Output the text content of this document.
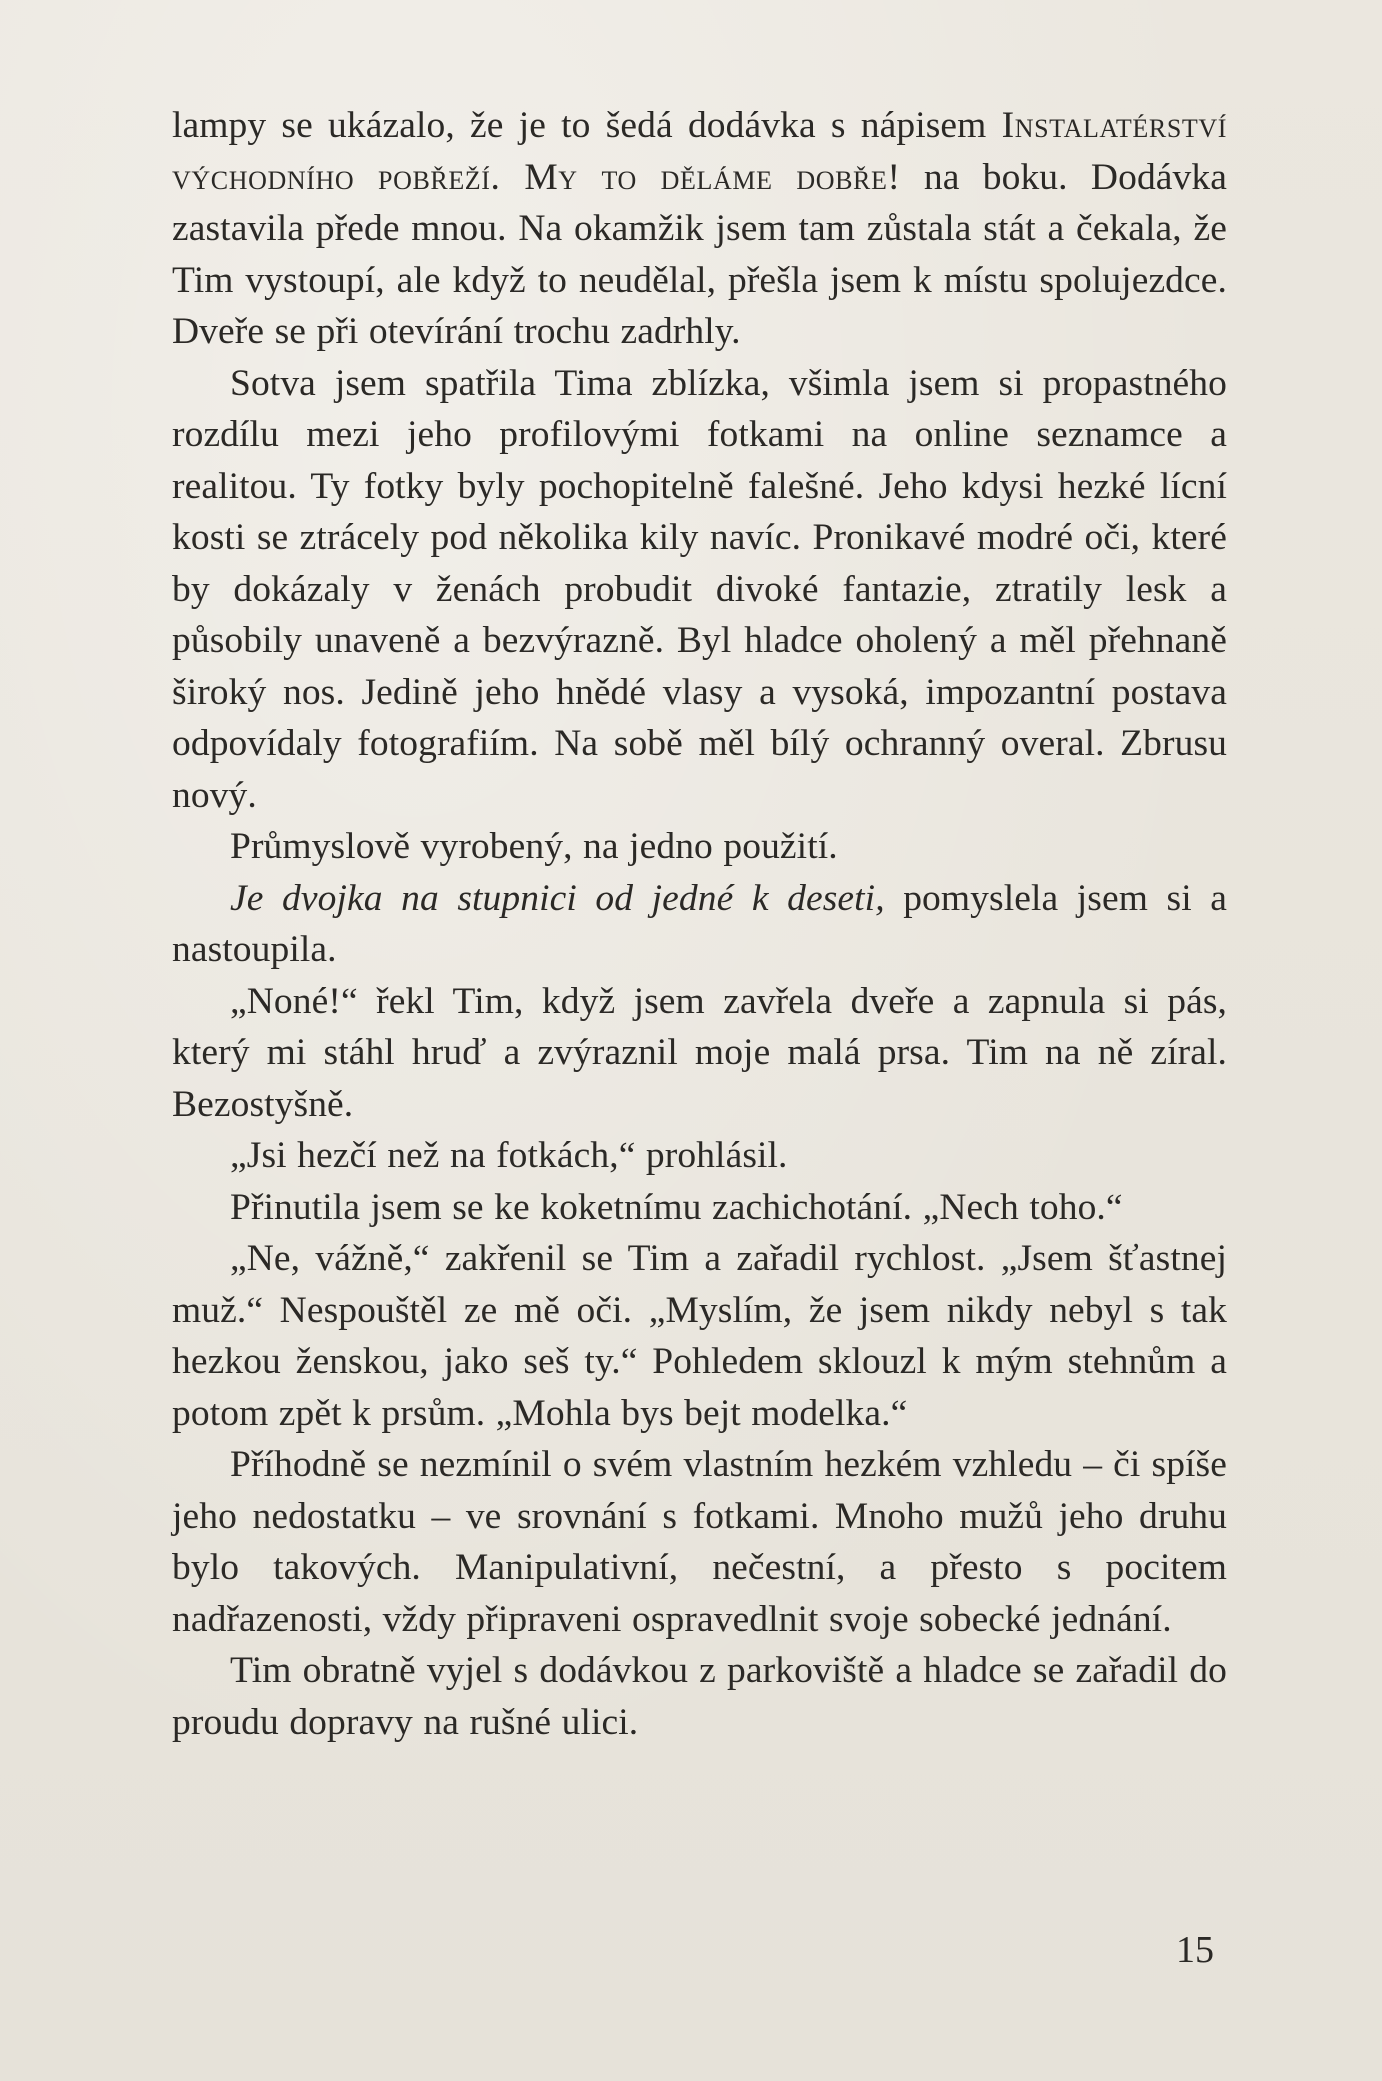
lampy se ukázalo, že je to šedá dodávka s nápisem Instalatérství východního pobřeží. My to děláme dobře! na boku. Dodávka zastavila přede mnou. Na okamžik jsem tam zůstala stát a čekala, že Tim vystoupí, ale když to neudělal, přešla jsem k místu spolujezdce. Dveře se při otevírání trochu zadrhly.

Sotva jsem spatřila Tima zblízka, všimla jsem si propastného rozdílu mezi jeho profilovými fotkami na online seznamce a realitou. Ty fotky byly pochopitelně falešné. Jeho kdysi hezké lícní kosti se ztrácely pod několika kily navíc. Pronikavé modré oči, které by dokázaly v ženách probudit divoké fantazie, ztratily lesk a působily unaveně a bezvýrazně. Byl hladce oholený a měl přehnaně široký nos. Jedině jeho hnědé vlasy a vysoká, impozantní postava odpovídaly fotografiím. Na sobě měl bílý ochranný overal. Zbrusu nový.

Průmyslově vyrobený, na jedno použití.

Je dvojka na stupnici od jedné k deseti, pomyslela jsem si a nastoupila.

„Noné!“ řekl Tim, když jsem zavřela dveře a zapnula si pás, který mi stáhl hruď a zvýraznil moje malá prsa. Tim na ně zíral. Bezostyšně.

„Jsi hezčí než na fotkách,“ prohlásil.

Přinutila jsem se ke koketnímu zachichotání. „Nech toho.“

„Ne, vážně,“ zakřenil se Tim a zařadil rychlost. „Jsem šťastnej muž.“ Nespouštěl ze mě oči. „Myslím, že jsem nikdy nebyl s tak hezkou ženskou, jako seš ty.“ Pohledem sklouzl k mým stehnům a potom zpět k prsům. „Mohla bys bejt modelka.“

Příhodně se nezmínil o svém vlastním hezkém vzhledu – či spíše jeho nedostatku – ve srovnání s fotkami. Mnoho mužů jeho druhu bylo takových. Manipulativní, nečestní, a přesto s pocitem nadřazenosti, vždy připraveni ospravedlnit svoje sobecké jednání.

Tim obratně vyjel s dodávkou z parkoviště a hladce se zařadil do proudu dopravy na rušné ulici.

15
